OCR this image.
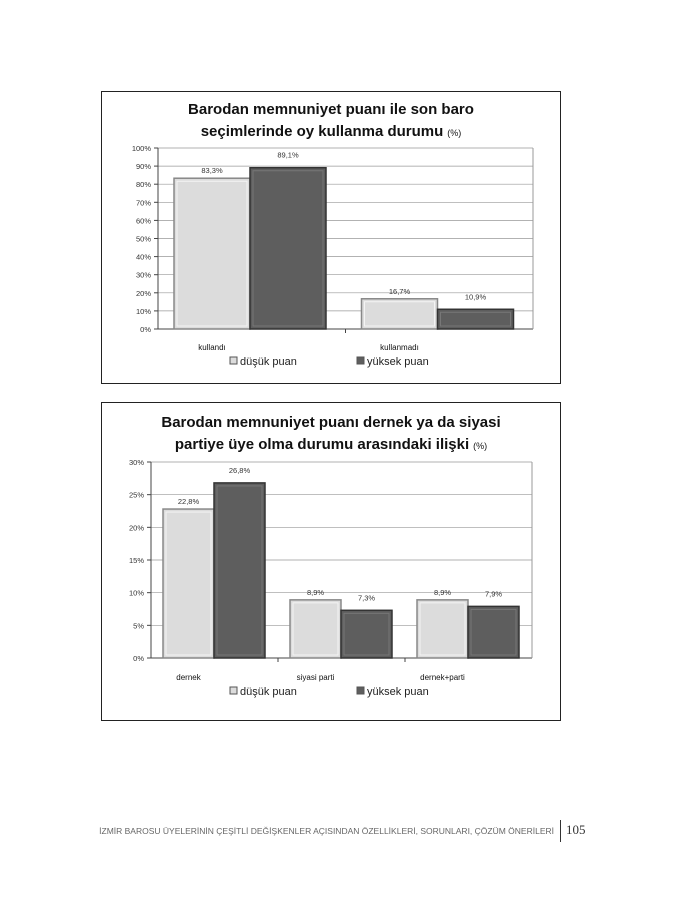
Barodan memnuniyet puanı ile son baro
seçimlerinde oy kullanma durumu (%)
0%
10%
20%
30%
40%
50%
60%
70%
80%
90%
100%
83,3%
89,1%
kullandı
16,7%
10,9%
kullanmadı
düşük puan	yüksek puan
Barodan memnuniyet puanı dernek ya da siyasi
partiye üye olma durumu arasındaki ilişki (%)
0%
5%
10%
15%
20%
25%
30%
22,8%
26,8%
dernek
8,9%
7,3%
siyasi parti
8,9%	7,9%
dernek+parti
düşük puan	yüksek puan
İZMİR BAROSU ÜYELERİNİN ÇEŞİTLİ DEĞİŞKENLER AÇISINDAN ÖZELLİKLERİ, SORUNLARI, ÇÖZÜM ÖNERİLERİ 105
